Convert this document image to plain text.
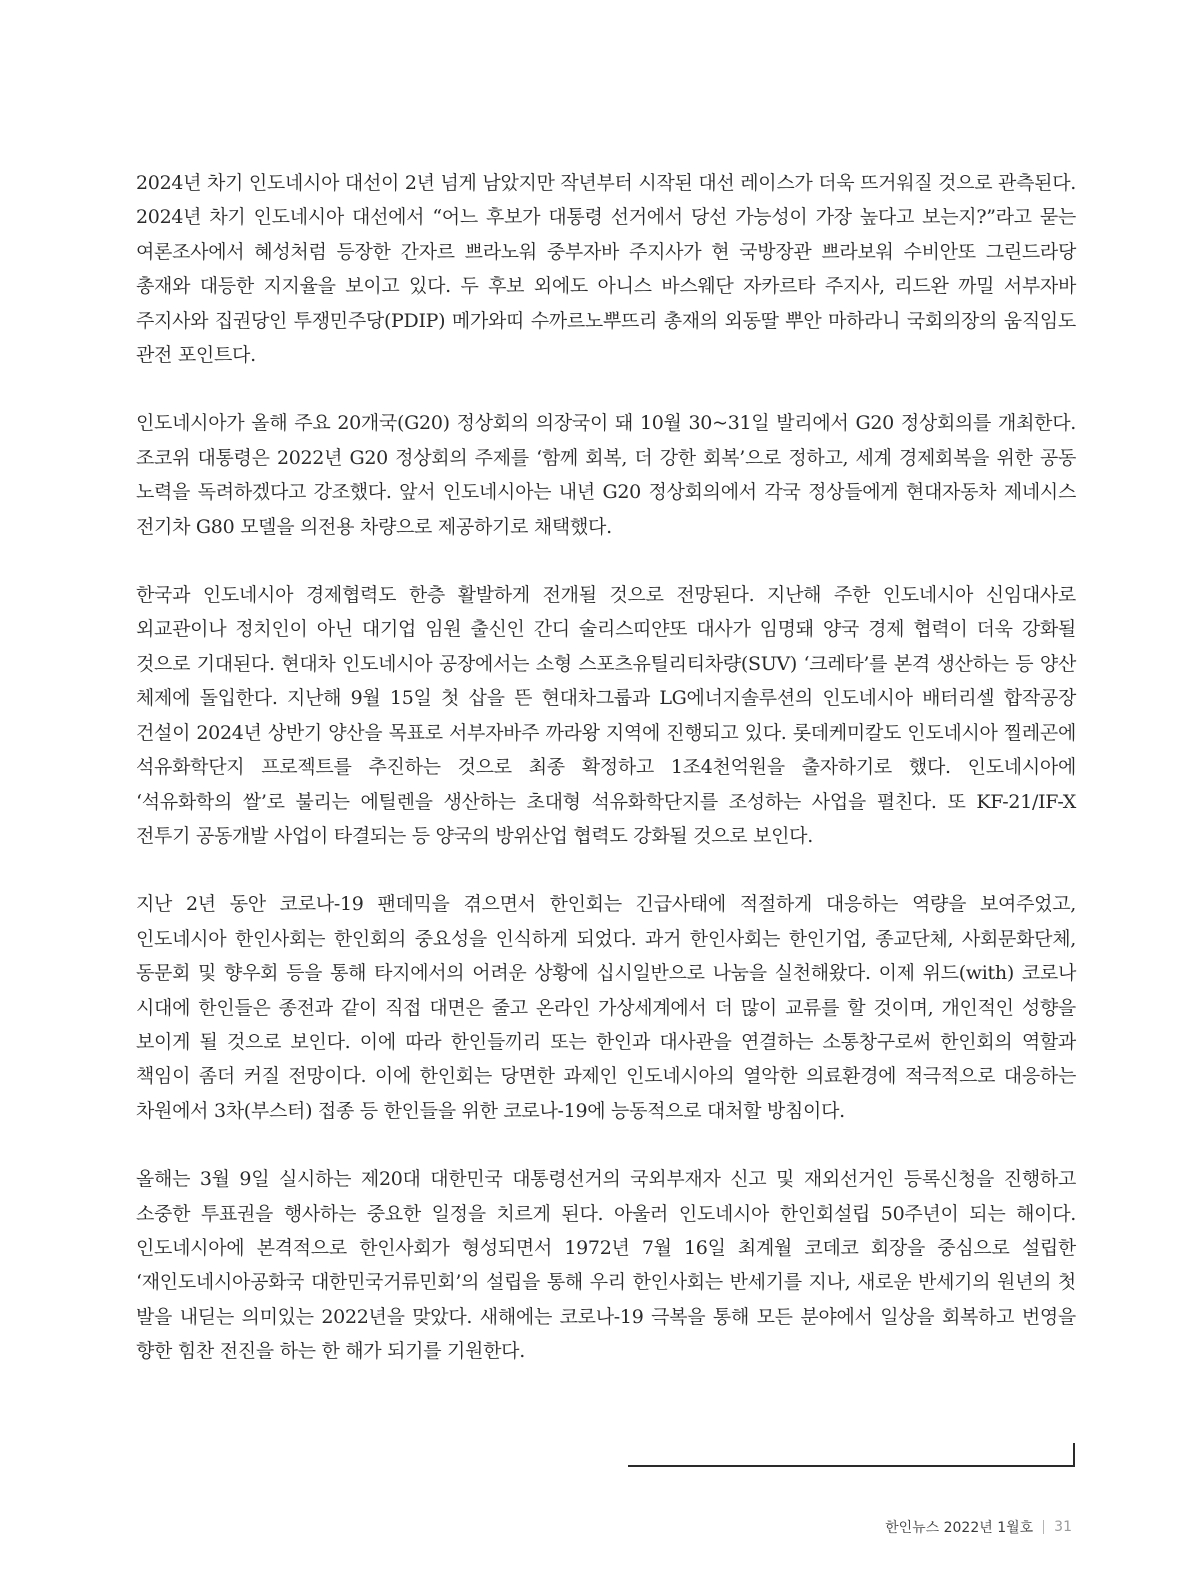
2024년 차기 인도네시아 대선이 2년 넘게 남았지만 작년부터 시작된 대선 레이스가 더욱 뜨거워질 것으로 관측된다. 2024년 차기 인도네시아 대선에서 “어느 후보가 대통령 선거에서 당선 가능성이 가장 높다고 보는지?”라고 묻는 여론조사에서 혜성처럼 등장한 간자르 쁘라노워 중부자바 주지사가 현 국방장관 쁘라보워 수비안또 그린드라당 총재와 대등한 지지율을 보이고 있다. 두 후보 외에도 아니스 바스웨단 자카르타 주지사, 리드완 까밀 서부자바 주지사와 집권당인 투쟁민주당(PDIP) 메가와띠 수까르노뿌뜨리 총재의 외동딸 뿌안 마하라니 국회의장의 움직임도 관전 포인트다.

인도네시아가 올해 주요 20개국(G20) 정상회의 의장국이 돼 10월 30~31일 발리에서 G20 정상회의를 개최한다. 조코위 대통령은 2022년 G20 정상회의 주제를 ‘함께 회복, 더 강한 회복’으로 정하고, 세계 경제회복을 위한 공동 노력을 독려하겠다고 강조했다. 앞서 인도네시아는 내년 G20 정상회의에서 각국 정상들에게 현대자동차 제네시스 전기차 G80 모델을 의전용 차량으로 제공하기로 채택했다.

한국과 인도네시아 경제협력도 한층 활발하게 전개될 것으로 전망된다. 지난해 주한 인도네시아 신임대사로 외교관이나 정치인이 아닌 대기업 임원 출신인 간디 술리스띠얀또 대사가 임명돼 양국 경제 협력이 더욱 강화될 것으로 기대된다. 현대차 인도네시아 공장에서는 소형 스포츠유틸리티차량(SUV) ‘크레타’를 본격 생산하는 등 양산 체제에 돌입한다. 지난해 9월 15일 첫 삽을 뜬 현대차그룹과 LG에너지솔루션의 인도네시아 배터리셀 합작공장 건설이 2024년 상반기 양산을 목표로 서부자바주 까라왕 지역에 진행되고 있다. 롯데케미칼도 인도네시아 찔레곤에 석유화학단지 프로젝트를 추진하는 것으로 최종 확정하고 1조4천억원을 출자하기로 했다. 인도네시아에 ‘석유화학의 쌀’로 불리는 에틸렌을 생산하는 초대형 석유화학단지를 조성하는 사업을 펼친다. 또 KF-21/IF-X 전투기 공동개발 사업이 타결되는 등 양국의 방위산업 협력도 강화될 것으로 보인다.

지난 2년 동안 코로나-19 팬데믹을 겪으면서 한인회는 긴급사태에 적절하게 대응하는 역량을 보여주었고, 인도네시아 한인사회는 한인회의 중요성을 인식하게 되었다. 과거 한인사회는 한인기업, 종교단체, 사회문화단체, 동문회 및 향우회 등을 통해 타지에서의 어려운 상황에 십시일반으로 나눔을 실천해왔다. 이제 위드(with) 코로나 시대에 한인들은 종전과 같이 직접 대면은 줄고 온라인 가상세계에서 더 많이 교류를 할 것이며, 개인적인 성향을 보이게 될 것으로 보인다. 이에 따라 한인들끼리 또는 한인과 대사관을 연결하는 소통창구로써 한인회의 역할과 책임이 좀더 커질 전망이다. 이에 한인회는 당면한 과제인 인도네시아의 열악한 의료환경에 적극적으로 대응하는 차원에서 3차(부스터) 접종 등 한인들을 위한 코로나-19에 능동적으로 대처할 방침이다.

올해는 3월 9일 실시하는 제20대 대한민국 대통령선거의 국외부재자 신고 및 재외선거인 등록신청을 진행하고 소중한 투표권을 행사하는 중요한 일정을 치르게 된다. 아울러 인도네시아 한인회설립 50주년이 되는 해이다. 인도네시아에 본격적으로 한인사회가 형성되면서 1972년 7월 16일 최계월 코데코 회장을 중심으로 설립한 ‘재인도네시아공화국 대한민국거류민회’의 설립을 통해 우리 한인사회는 반세기를 지나, 새로운 반세기의 원년의 첫 발을 내딛는 의미있는 2022년을 맞았다. 새해에는 코로나-19 극복을 통해 모든 분야에서 일상을 회복하고 번영을 향한 힘찬 전진을 하는 한 해가 되기를 기원한다.

한인뉴스 2022년 1월호 31
